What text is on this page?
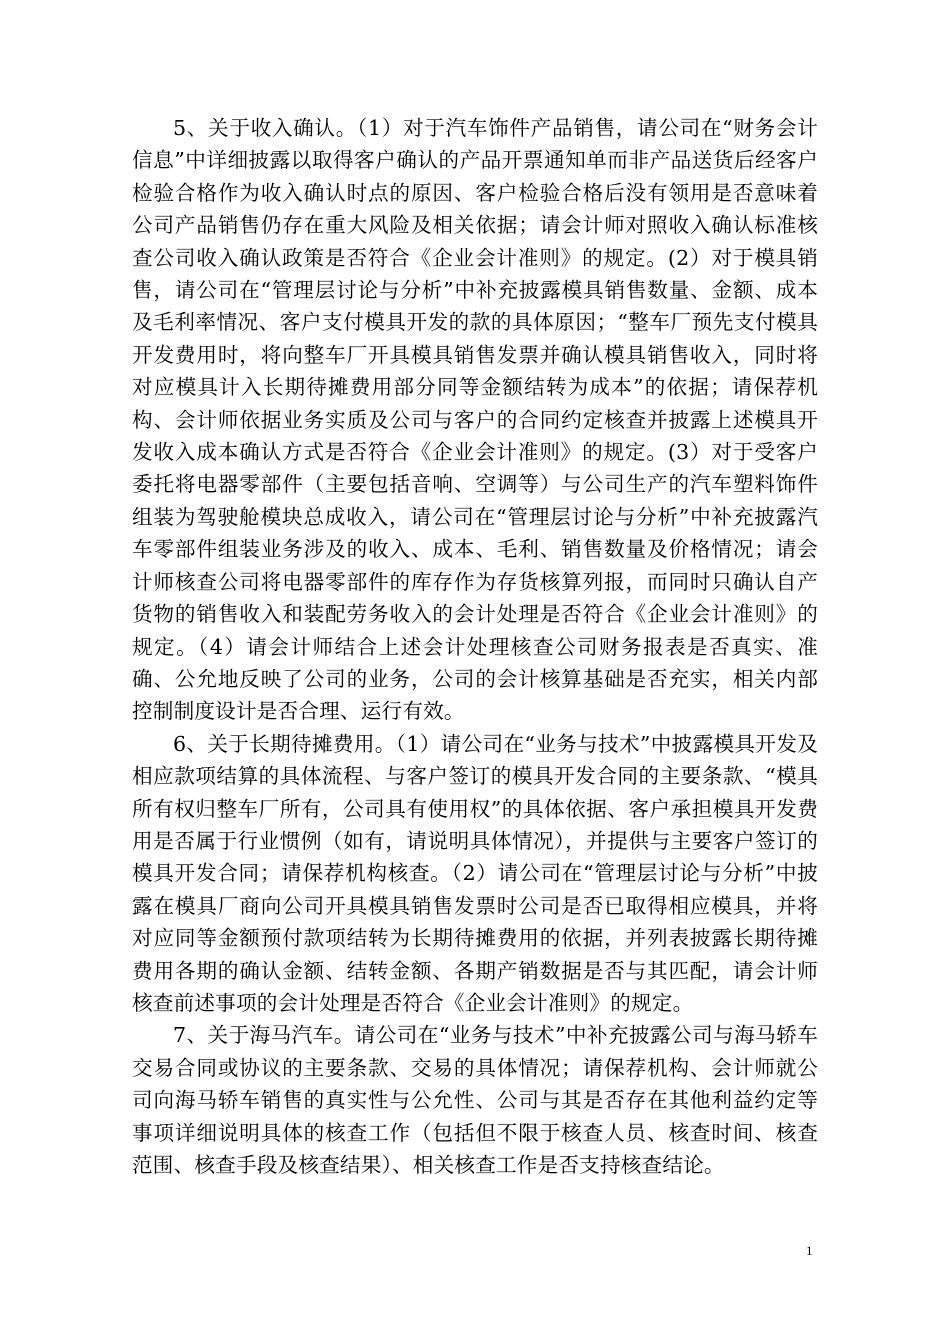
5、关于收入确认。（1）对于汽车饰件产品销售，请公司在“财务会计信息”中详细披露以取得客户确认的产品开票通知单而非产品送货后经客户检验合格作为收入确认时点的原因、客户检验合格后没有领用是否意味着公司产品销售仍存在重大风险及相关依据；请会计师对照收入确认标准核查公司收入确认政策是否符合《企业会计准则》的规定。(2）对于模具销售，请公司在“管理层讨论与分析”中补充披露模具销售数量、金额、成本及毛利率情况、客户支付模具开发的款的具体原因；“整车厂预先支付模具开发费用时，将向整车厂开具模具销售发票并确认模具销售收入，同时将对应模具计入长期待摊费用部分同等金额结转为成本”的依据；请保荐机构、会计师依据业务实质及公司与客户的合同约定核查并披露上述模具开发收入成本确认方式是否符合《企业会计准则》的规定。(3）对于受客户委托将电器零部件（主要包括音响、空调等）与公司生产的汽车塑料饰件组装为驾驶舱模块总成收入，请公司在“管理层讨论与分析”中补充披露汽车零部件组装业务涉及的收入、成本、毛利、销售数量及价格情况；请会计师核查公司将电器零部件的库存作为存货核算列报，而同时只确认自产货物的销售收入和装配劳务收入的会计处理是否符合《企业会计准则》的规定。（4）请会计师结合上述会计处理核查公司财务报表是否真实、准确、公允地反映了公司的业务，公司的会计核算基础是否充实，相关内部控制制度设计是否合理、运行有效。

6、关于长期待摊费用。（1）请公司在“业务与技术”中披露模具开发及相应款项结算的具体流程、与客户签订的模具开发合同的主要条款、“模具所有权归整车厂所有，公司具有使用权”的具体依据、客户承担模具开发费用是否属于行业惯例（如有，请说明具体情况），并提供与主要客户签订的模具开发合同；请保荐机构核查。（2）请公司在“管理层讨论与分析”中披露在模具厂商向公司开具模具销售发票时公司是否已取得相应模具，并将对应同等金额预付款项结转为长期待摊费用的依据，并列表披露长期待摊费用各期的确认金额、结转金额、各期产销数据是否与其匹配，请会计师核查前述事项的会计处理是否符合《企业会计准则》的规定。

7、关于海马汽车。请公司在“业务与技术”中补充披露公司与海马轿车交易合同或协议的主要条款、交易的具体情况；请保荐机构、会计师就公司向海马轿车销售的真实性与公允性、公司与其是否存在其他利益约定等事项详细说明具体的核查工作（包括但不限于核查人员、核查时间、核查范围、核查手段及核查结果）、相关核查工作是否支持核查结论。

1
